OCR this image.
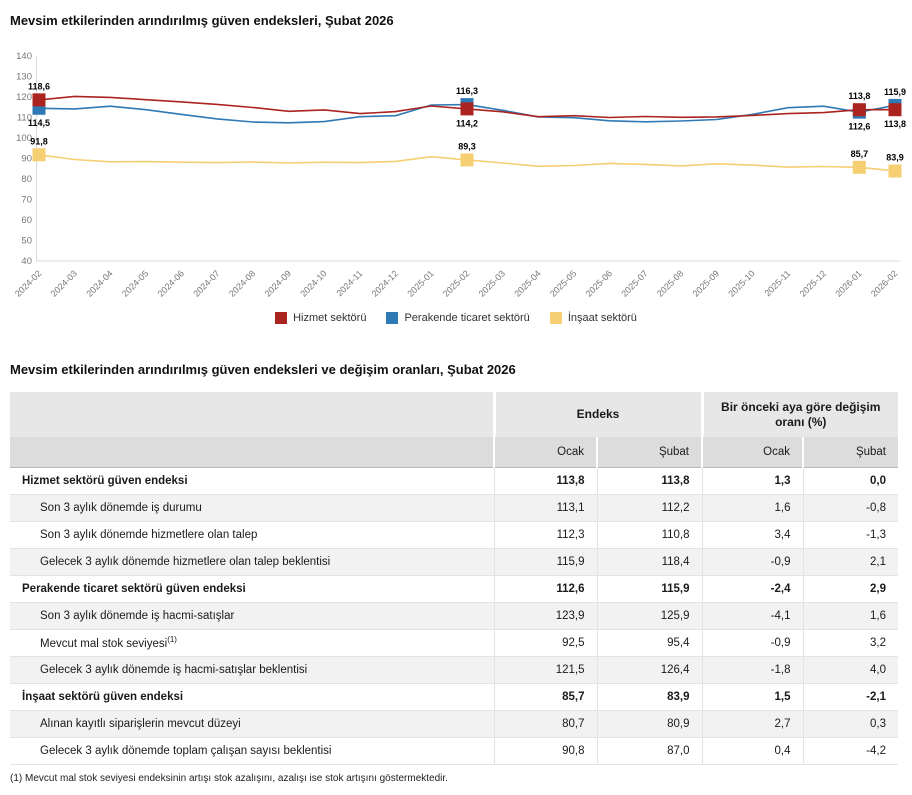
Mevsim etkilerinden arındırılmış güven endeksleri, Şubat 2026
40
50
60
70
80
90
100
110
120
130
140
2024-02 2024-03 2024-04 2024-05 2024-06 2024-07 2024-08 2024-09 2024-10 2024-11 2024-12 2025-01 2025-02 2025-03 2025-04 2025-05 2025-06 2025-07 2025-08 2025-09 2025-10 2025-11 2025-12 2026-01 2026-02
118,6
114,2
113,8
113,8
114,5
116,3
112,6
115,9
91,8
89,3
85,7 83,9
Hizmet sektörü	Perakende ticaret sektörü	İnşaat sektörü
Mevsim etkilerinden arındırılmış güven endeksleri ve değişim oranları, Şubat 2026
	Endeks		Bir önceki aya göre değişim oranı (%)	
	Ocak	Şubat	Ocak	Şubat
Hizmet sektörü güven endeksi	113,8	113,8	1,3	0,0
Son 3 aylık dönemde iş durumu	113,1	112,2	1,6	-0,8
Son 3 aylık dönemde hizmetlere olan talep	112,3	110,8	3,4	-1,3
Gelecek 3 aylık dönemde hizmetlere olan talep beklentisi	115,9	118,4	-0,9	2,1
Perakende ticaret sektörü güven endeksi	112,6	115,9	-2,4	2,9
Son 3 aylık dönemde iş hacmi-satışlar	123,9	125,9	-4,1	1,6
Mevcut mal stok seviyesi$^{(1)}$	92,5	95,4	-0,9	3,2
Gelecek 3 aylık dönemde iş hacmi-satışlar beklentisi	121,5	126,4	-1,8	4,0
İnşaat sektörü güven endeksi	85,7	83,9	1,5	-2,1
Alınan kayıtlı siparişlerin mevcut düzeyi	80,7	80,9	2,7	0,3
Gelecek 3 aylık dönemde toplam çalışan sayısı beklentisi	90,8	87,0	0,4	-4,2
(1) Mevcut mal stok seviyesi endeksinin artışı stok azalışını, azalışı ise stok artışını göstermektedir.
